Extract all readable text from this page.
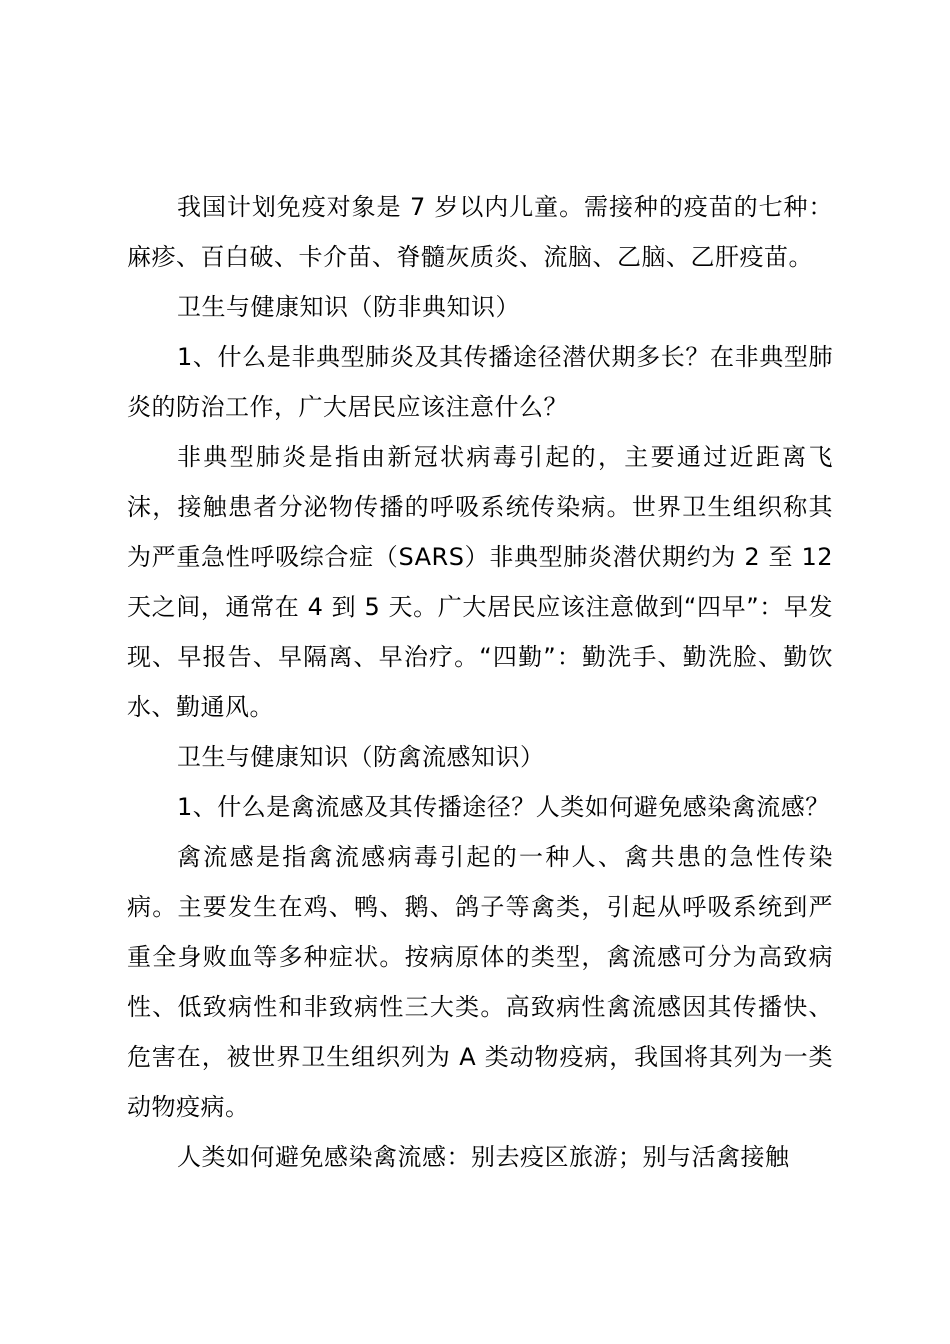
我国计划免疫对象是 7 岁以内儿童。需接种的疫苗的七种：麻疹、百白破、卡介苗、脊髓灰质炎、流脑、乙脑、乙肝疫苗。

卫生与健康知识（防非典知识）

1、什么是非典型肺炎及其传播途径潜伏期多长？在非典型肺炎的防治工作，广大居民应该注意什么？

非典型肺炎是指由新冠状病毒引起的，主要通过近距离飞沫，接触患者分泌物传播的呼吸系统传染病。世界卫生组织称其为严重急性呼吸综合症（SARS）非典型肺炎潜伏期约为 2 至 12 天之间，通常在 4 到 5 天。广大居民应该注意做到“四早”：早发现、早报告、早隔离、早治疗。“四勤”：勤洗手、勤洗脸、勤饮水、勤通风。

卫生与健康知识（防禽流感知识）

1、什么是禽流感及其传播途径？人类如何避免感染禽流感？

禽流感是指禽流感病毒引起的一种人、禽共患的急性传染病。主要发生在鸡、鸭、鹅、鸽子等禽类，引起从呼吸系统到严重全身败血等多种症状。按病原体的类型，禽流感可分为高致病性、低致病性和非致病性三大类。高致病性禽流感因其传播快、危害在，被世界卫生组织列为 A 类动物疫病，我国将其列为一类动物疫病。

人类如何避免感染禽流感：别去疫区旅游；别与活禽接触
